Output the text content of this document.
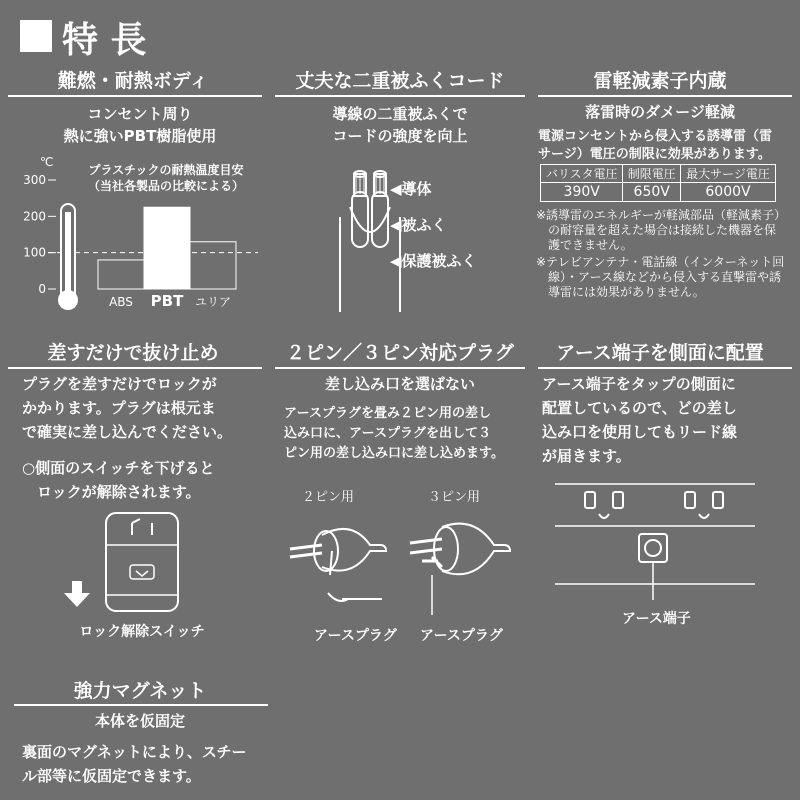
特 長
難燃・耐熱ボディ
コンセント周り
熱に強いPBT樹脂使用
℃
プラスチックの耐熱温度目安
（当社各製品の比較による）
0
100
200
300
ABS PBT ユリア
丈夫な二重被ふくコード
導線の二重被ふくで
コードの強度を向上
◀導体
◀被ふく
◀保護被ふく
雷軽減素子内蔵
落雷時のダメージ軽減
電源コンセントから侵入する誘導雷（雷
サージ）電圧の制限に効果があります。
バリスタ電圧	制限電圧	最大サージ電圧
390V	650V	6000V
※誘導雷のエネルギーが軽減部品（軽減素子）
　の耐容量を超えた場合は接続した機器を保
　護できません。
※テレビアンテナ・電話線（インターネット回
　線）・アース線などから侵入する直撃雷や誘
　導雷には効果がありません。
差すだけで抜け止め
プラグを差すだけでロックが
かかります。プラグは根元ま
で確実に差し込んでください。
○側面のスイッチを下げると
　ロックが解除されます。
ロック解除スイッチ
２ピン／３ピン対応プラグ
差し込み口を選ばない
アースプラグを畳み２ピン用の差し
込み口に、アースプラグを出して３
ピン用の差し込み口に差し込めます。
２ピン用	３ピン用
アースプラグ アースプラグ
アース端子を側面に配置
アース端子をタップの側面に
配置しているので、どの差し
込み口を使用してもリード線
が届きます。
アース端子
強力マグネット
本体を仮固定
裏面のマグネットにより、スチー
ル部等に仮固定できます。
